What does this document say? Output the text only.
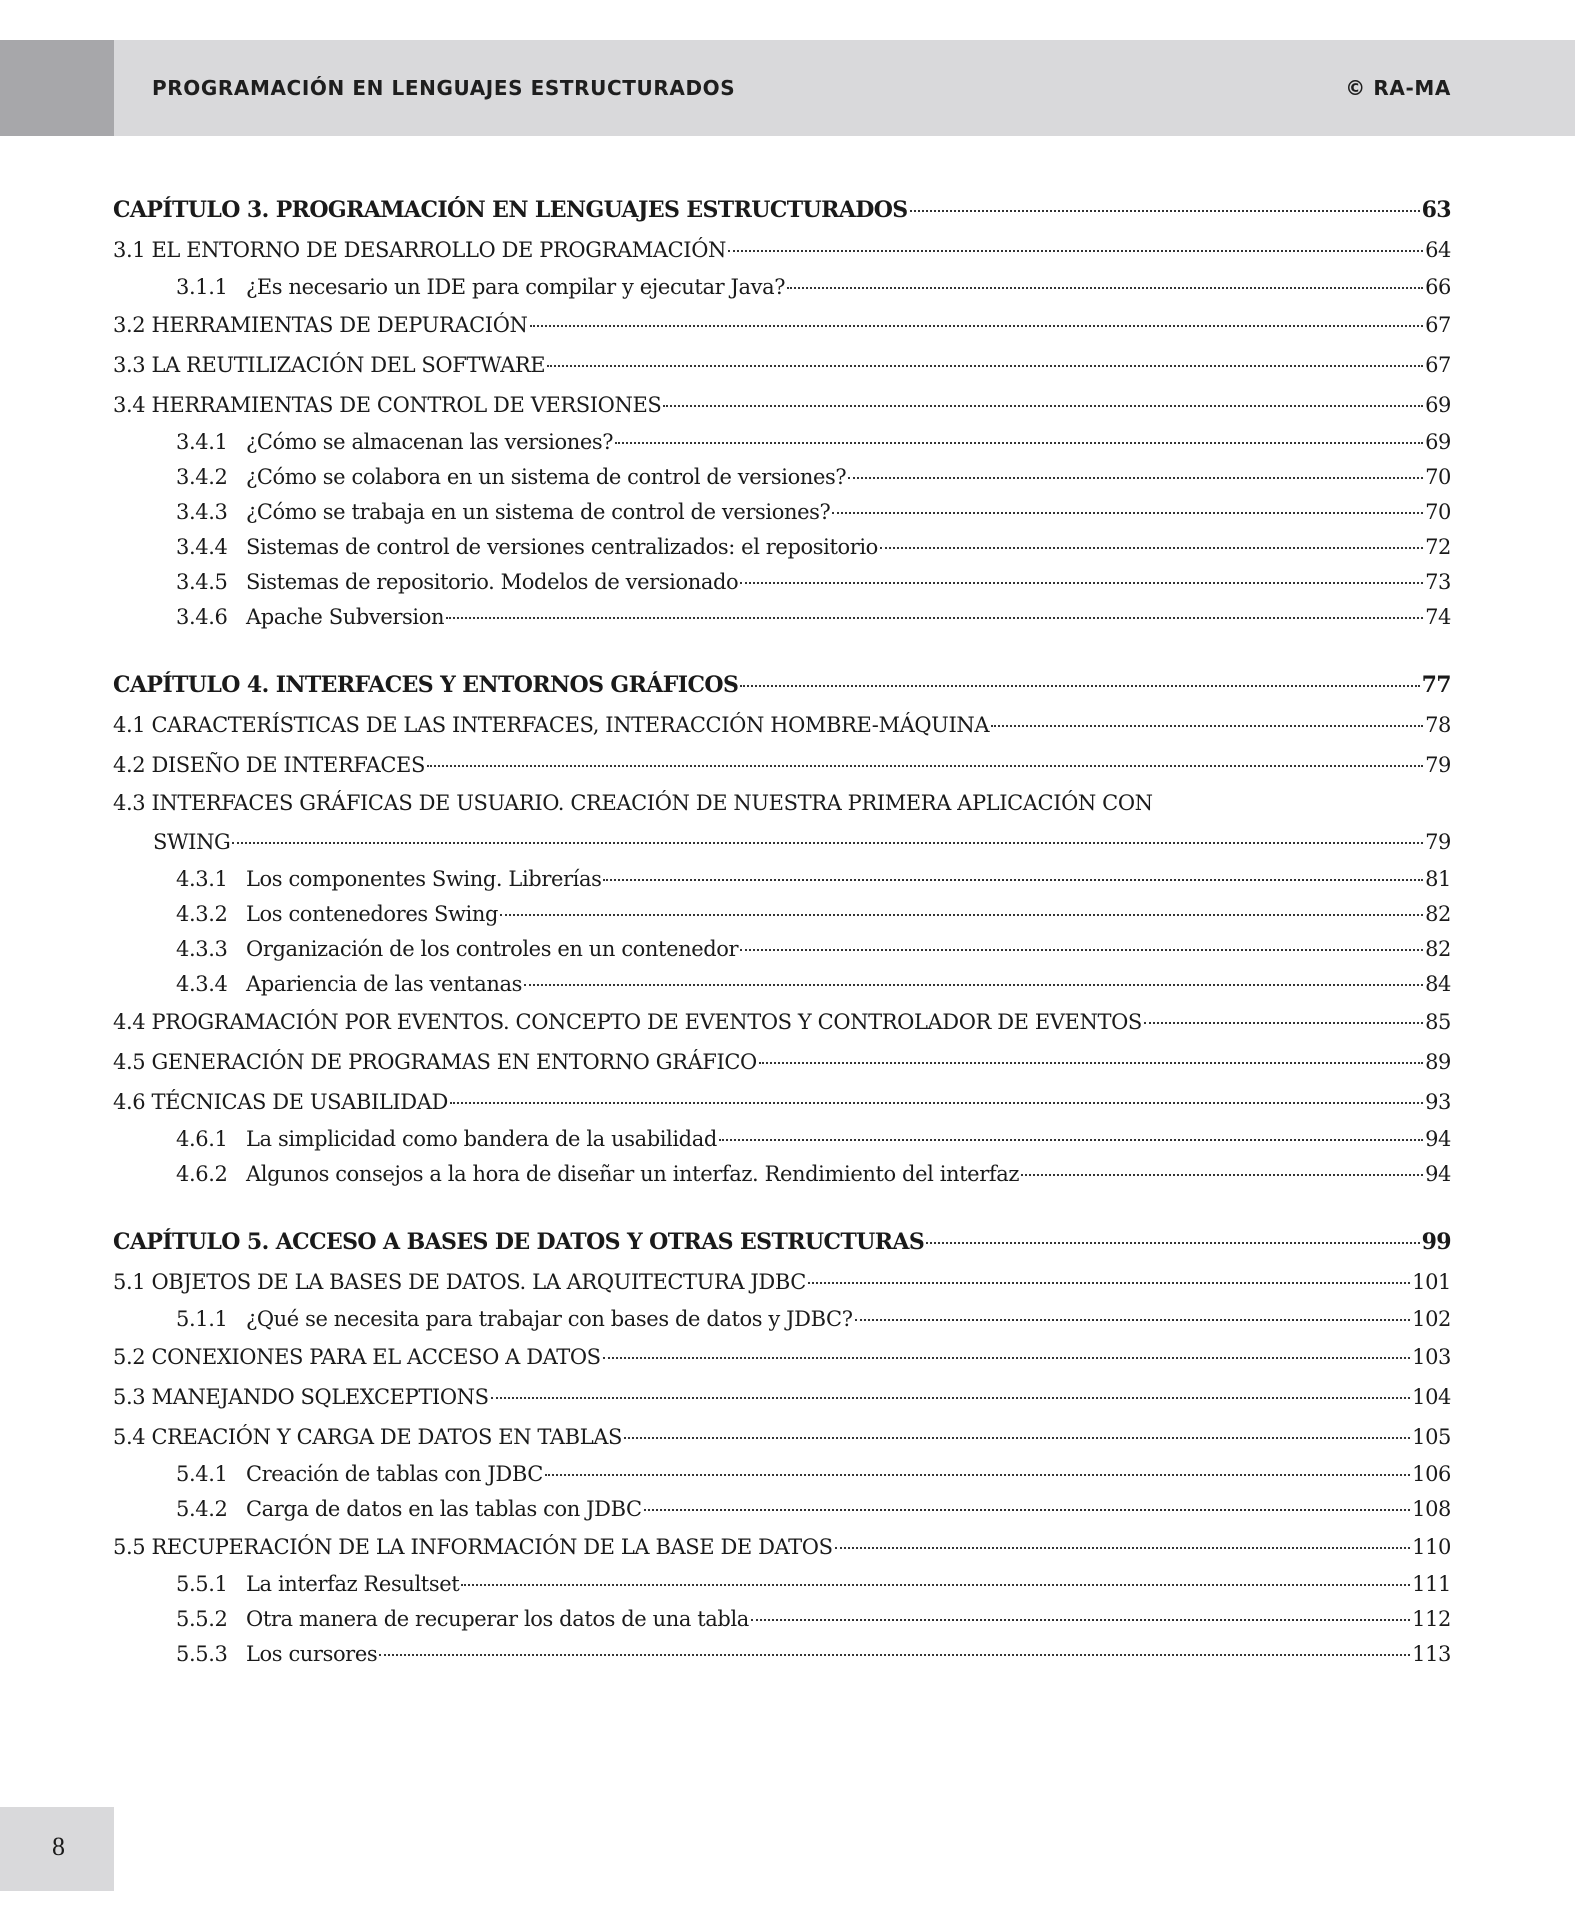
PROGRAMACIÓN EN LENGUAJES ESTRUCTURADOS	© RA-MA
CAPÍTULO 3. PROGRAMACIÓN EN LENGUAJES ESTRUCTURADOS	63
3.1 EL ENTORNO DE DESARROLLO DE PROGRAMACIÓN	64
3.1.1 ¿Es necesario un IDE para compilar y ejecutar Java?	66
3.2 HERRAMIENTAS DE DEPURACIÓN	67
3.3 LA REUTILIZACIÓN DEL SOFTWARE	67
3.4 HERRAMIENTAS DE CONTROL DE VERSIONES	69
3.4.1 ¿Cómo se almacenan las versiones?	69
3.4.2 ¿Cómo se colabora en un sistema de control de versiones?	70
3.4.3 ¿Cómo se trabaja en un sistema de control de versiones?	70
3.4.4 Sistemas de control de versiones centralizados: el repositorio	72
3.4.5 Sistemas de repositorio. Modelos de versionado	73
3.4.6 Apache Subversion	74
CAPÍTULO 4. INTERFACES Y ENTORNOS GRÁFICOS	77
4.1 CARACTERÍSTICAS DE LAS INTERFACES, INTERACCIÓN HOMBRE-MÁQUINA	78
4.2 DISEÑO DE INTERFACES	79
4.3 INTERFACES GRÁFICAS DE USUARIO. CREACIÓN DE NUESTRA PRIMERA APLICACIÓN CON
SWING	79
4.3.1 Los componentes Swing. Librerías	81
4.3.2 Los contenedores Swing	82
4.3.3 Organización de los controles en un contenedor	82
4.3.4 Apariencia de las ventanas	84
4.4 PROGRAMACIÓN POR EVENTOS. CONCEPTO DE EVENTOS Y CONTROLADOR DE EVENTOS	85
4.5 GENERACIÓN DE PROGRAMAS EN ENTORNO GRÁFICO	89
4.6 TÉCNICAS DE USABILIDAD	93
4.6.1 La simplicidad como bandera de la usabilidad	94
4.6.2 Algunos consejos a la hora de diseñar un interfaz. Rendimiento del interfaz	94
CAPÍTULO 5. ACCESO A BASES DE DATOS Y OTRAS ESTRUCTURAS	99
5.1 OBJETOS DE LA BASES DE DATOS. LA ARQUITECTURA JDBC	101
5.1.1 ¿Qué se necesita para trabajar con bases de datos y JDBC?	102
5.2 CONEXIONES PARA EL ACCESO A DATOS	103
5.3 MANEJANDO SQLEXCEPTIONS	104
5.4 CREACIÓN Y CARGA DE DATOS EN TABLAS	105
5.4.1 Creación de tablas con JDBC	106
5.4.2 Carga de datos en las tablas con JDBC	108
5.5 RECUPERACIÓN DE LA INFORMACIÓN DE LA BASE DE DATOS	110
5.5.1 La interfaz Resultset	111
5.5.2 Otra manera de recuperar los datos de una tabla	112
5.5.3 Los cursores	113
8
